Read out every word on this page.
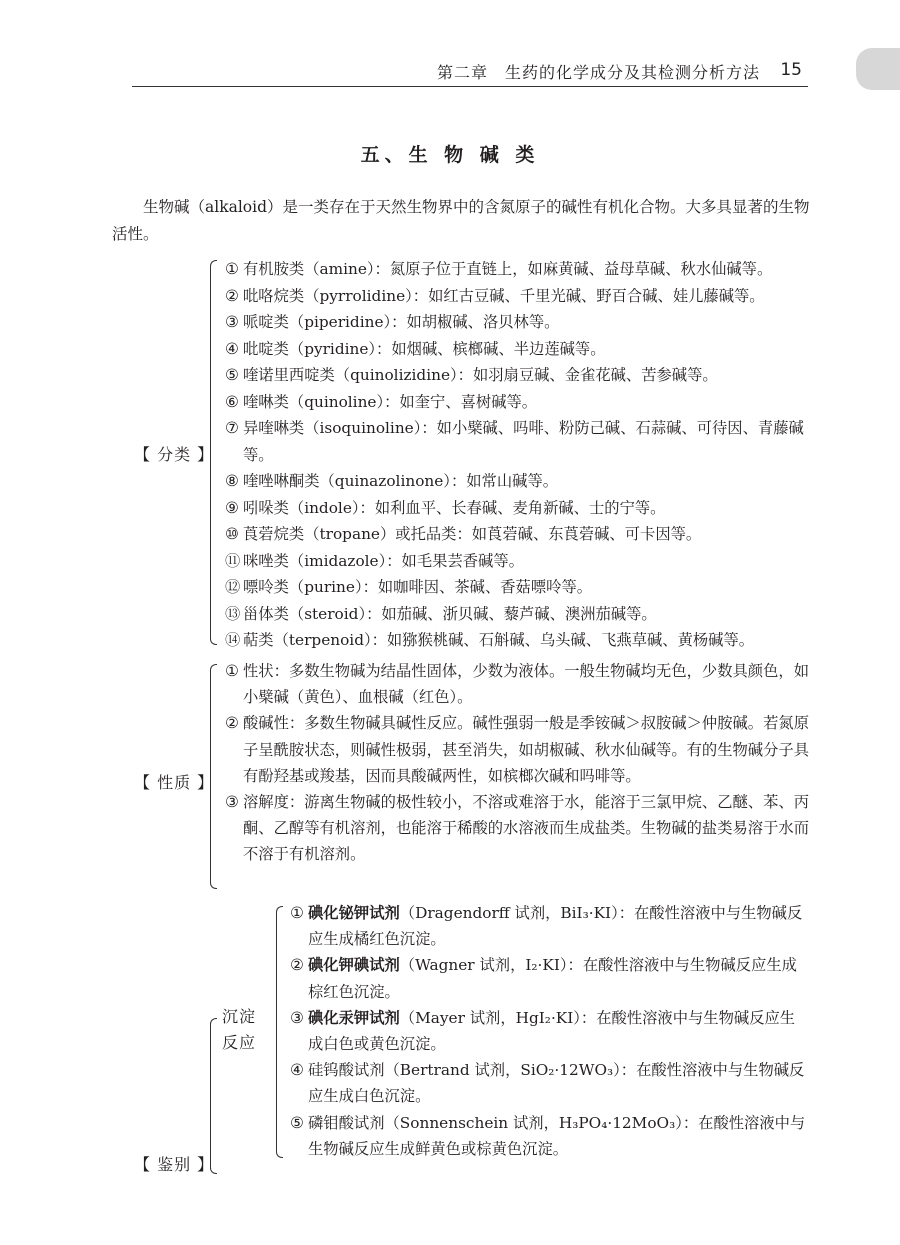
第二章　生药的化学成分及其检测分析方法 15
五、生 物 碱 类

生物碱（alkaloid）是一类存在于天然生物界中的含氮原子的碱性有机化合物。大多具显著的生物活性。

【 分类 】
① 有机胺类（amine）：氮原子位于直链上，如麻黄碱、益母草碱、秋水仙碱等。
② 吡咯烷类（pyrrolidine）：如红古豆碱、千里光碱、野百合碱、娃儿藤碱等。
③ 哌啶类（piperidine）：如胡椒碱、洛贝林等。
④ 吡啶类（pyridine）：如烟碱、槟榔碱、半边莲碱等。
⑤ 喹诺里西啶类（quinolizidine）：如羽扇豆碱、金雀花碱、苦参碱等。
⑥ 喹啉类（quinoline）：如奎宁、喜树碱等。
⑦ 异喹啉类（isoquinoline）：如小檗碱、吗啡、粉防己碱、石蒜碱、可待因、青藤碱等。
⑧ 喹唑啉酮类（quinazolinone）：如常山碱等。
⑨ 吲哚类（indole）：如利血平、长春碱、麦角新碱、士的宁等。
⑩ 莨菪烷类（tropane）或托品类：如莨菪碱、东莨菪碱、可卡因等。
⑪ 咪唑类（imidazole）：如毛果芸香碱等。
⑫ 嘌呤类（purine）：如咖啡因、茶碱、香菇嘌呤等。
⑬ 甾体类（steroid）：如茄碱、浙贝碱、藜芦碱、澳洲茄碱等。
⑭ 萜类（terpenoid）：如猕猴桃碱、石斛碱、乌头碱、飞燕草碱、黄杨碱等。
【 性质 】
① 性状：多数生物碱为结晶性固体，少数为液体。一般生物碱均无色，少数具颜色，如小檗碱（黄色）、血根碱（红色）。
② 酸碱性：多数生物碱具碱性反应。碱性强弱一般是季铵碱＞叔胺碱＞仲胺碱。若氮原子呈酰胺状态，则碱性极弱，甚至消失，如胡椒碱、秋水仙碱等。有的生物碱分子具有酚羟基或羧基，因而具酸碱两性，如槟榔次碱和吗啡等。
③ 溶解度：游离生物碱的极性较小，不溶或难溶于水，能溶于三氯甲烷、乙醚、苯、丙酮、乙醇等有机溶剂，也能溶于稀酸的水溶液而生成盐类。生物碱的盐类易溶于水而不溶于有机溶剂。
【 鉴别 】
沉淀
反应
① 碘化铋钾试剂（Dragendorff 试剂，BiI₃·KI）：在酸性溶液中与生物碱反应生成橘红色沉淀。
② 碘化钾碘试剂（Wagner 试剂，I₂·KI）：在酸性溶液中与生物碱反应生成棕红色沉淀。
③ 碘化汞钾试剂（Mayer 试剂，HgI₂·KI）：在酸性溶液中与生物碱反应生成白色或黄色沉淀。
④ 硅钨酸试剂（Bertrand 试剂，SiO₂·12WO₃）：在酸性溶液中与生物碱反应生成白色沉淀。
⑤ 磷钼酸试剂（Sonnenschein 试剂，H₃PO₄·12MoO₃）：在酸性溶液中与生物碱反应生成鲜黄色或棕黄色沉淀。
